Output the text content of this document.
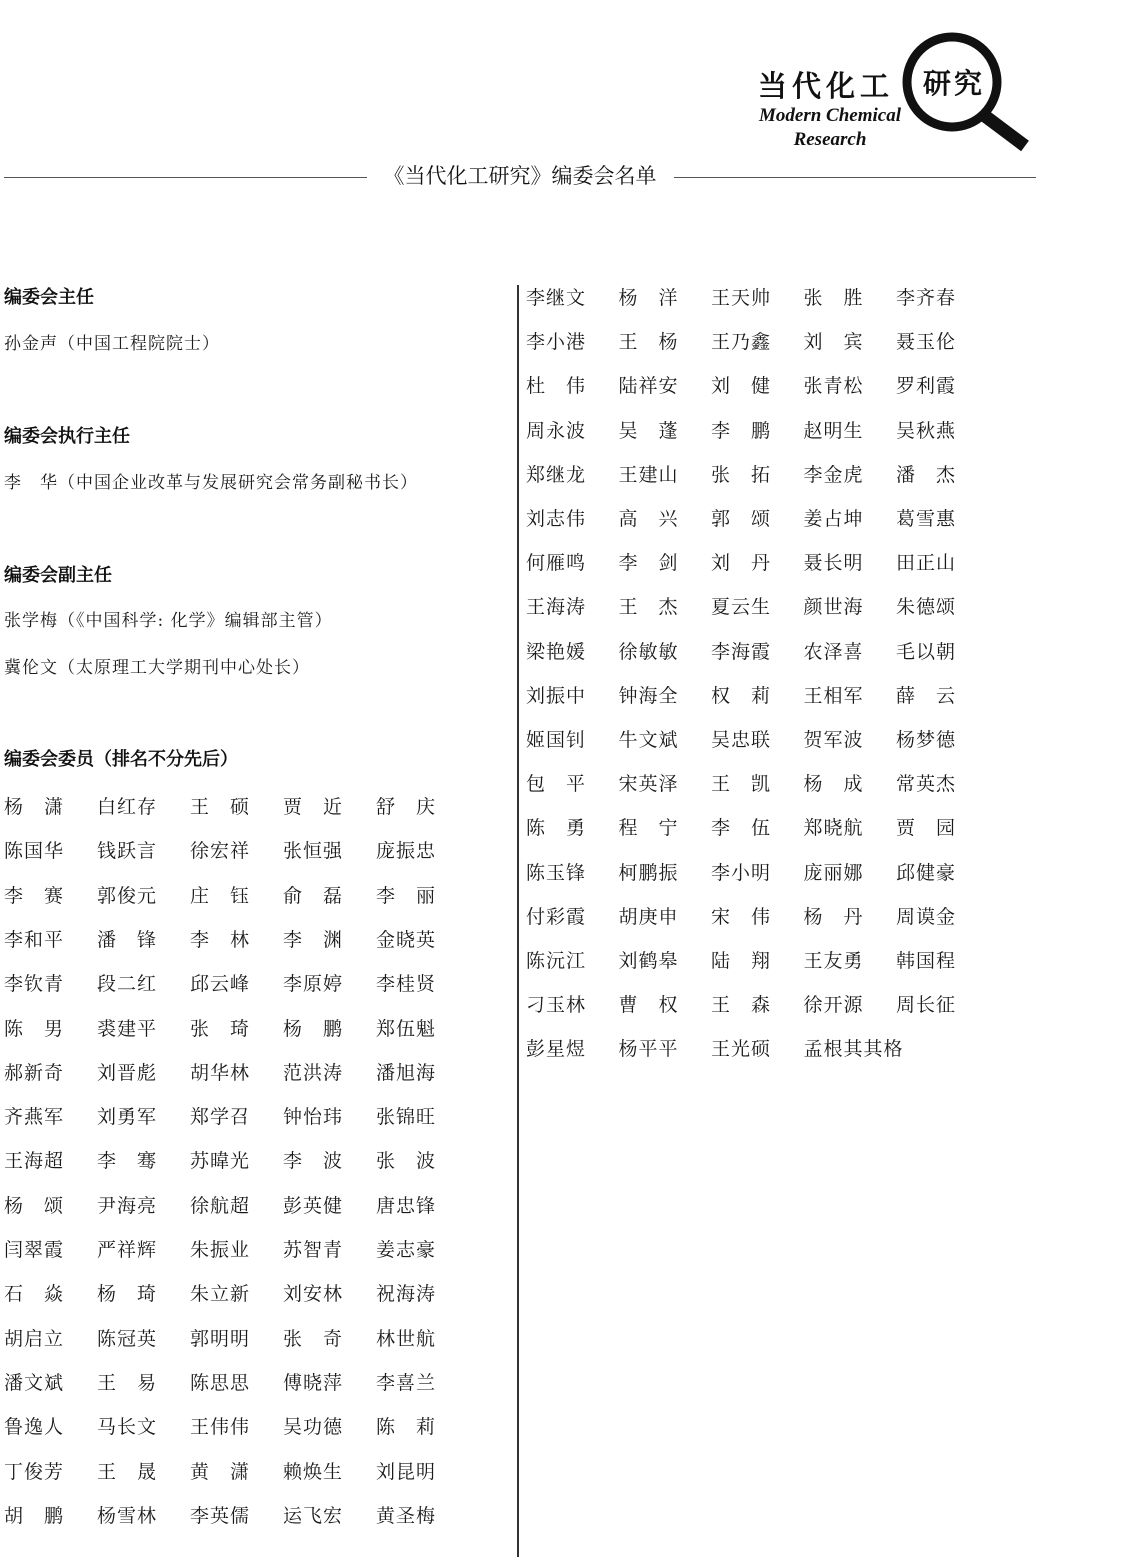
当代化工 研究
Modern Chemical
Research
《当代化工研究》编委会名单
编委会主任
孙金声（中国工程院院士）
编委会执行主任
李　华（中国企业改革与发展研究会常务副秘书长）
编委会副主任
张学梅（《中国科学: 化学》编辑部主管）
冀伦文（太原理工大学期刊中心处长）
编委会委员（排名不分先后）
杨　潇	白红存	王　硕	贾　近	舒　庆
陈国华	钱跃言	徐宏祥	张恒强	庞振忠
李　赛	郭俊元	庄　钰	俞　磊	李　丽
李和平	潘　锋	李　林	李　渊	金晓英
李钦青	段二红	邱云峰	李原婷	李桂贤
陈　男	裘建平	张　琦	杨　鹏	郑伍魁
郝新奇	刘晋彪	胡华林	范洪涛	潘旭海
齐燕军	刘勇军	郑学召	钟怡玮	张锦旺
王海超	李　骞	苏暐光	李　波	张　波
杨　颂	尹海亮	徐航超	彭英健	唐忠锋
闫翠霞	严祥辉	朱振业	苏智青	姜志豪
石　焱	杨　琦	朱立新	刘安林	祝海涛
胡启立	陈冠英	郭明明	张　奇	林世航
潘文斌	王　易	陈思思	傅晓萍	李喜兰
鲁逸人	马长文	王伟伟	吴功德	陈　莉
丁俊芳	王　晟	黄　潇	赖焕生	刘昆明
胡　鹏	杨雪林	李英儒	运飞宏	黄圣梅
李继文	杨　洋	王天帅	张　胜	李齐春
李小港	王　杨	王乃鑫	刘　宾	聂玉伦
杜　伟	陆祥安	刘　健	张青松	罗利霞
周永波	吴　蓬	李　鹏	赵明生	吴秋燕
郑继龙	王建山	张　拓	李金虎	潘　杰
刘志伟	高　兴	郭　颂	姜占坤	葛雪惠
何雁鸣	李　剑	刘　丹	聂长明	田正山
王海涛	王　杰	夏云生	颜世海	朱德颂
梁艳媛	徐敏敏	李海霞	农泽喜	毛以朝
刘振中	钟海全	权　莉	王相军	薛　云
姬国钊	牛文斌	吴忠联	贺军波	杨梦德
包　平	宋英泽	王　凯	杨　成	常英杰
陈　勇	程　宁	李　伍	郑晓航	贾　园
陈玉锋	柯鹏振	李小明	庞丽娜	邱健豪
付彩霞	胡庚申	宋　伟	杨　丹	周谟金
陈沅江	刘鹤皋	陆　翔	王友勇	韩国程
刁玉林	曹　权	王　森	徐开源	周长征
彭星煜	杨平平	王光硕	孟根其其格
